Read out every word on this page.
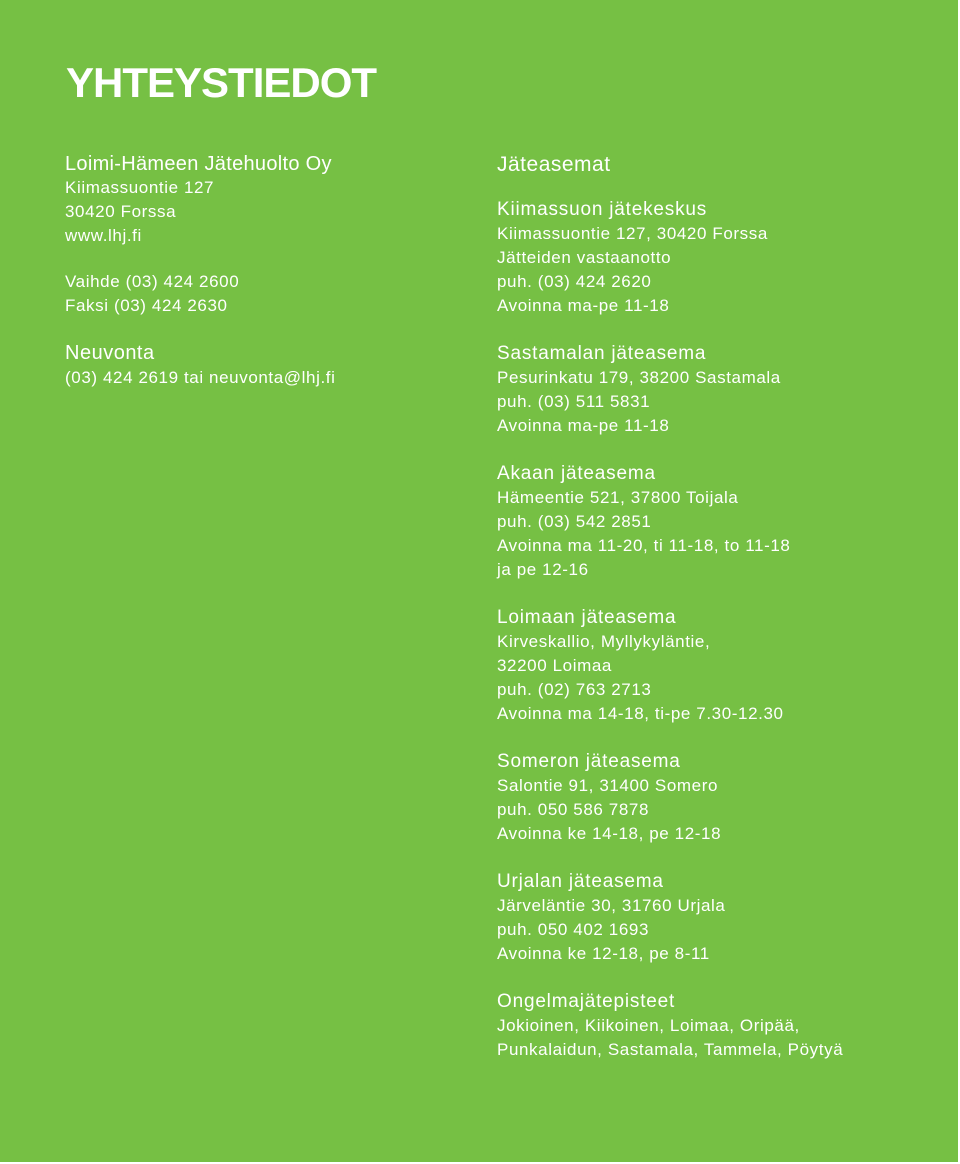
YHTEYSTIEDOT
Loimi-Hämeen Jätehuolto Oy
Kiimassuontie 127
30420 Forssa
www.lhj.fi
Vaihde (03) 424 2600
Faksi (03) 424 2630
Neuvonta
(03) 424 2619 tai neuvonta@lhj.fi
Jäteasemat
Kiimassuon jätekeskus
Kiimassuontie 127, 30420 Forssa
Jätteiden vastaanotto
puh. (03) 424 2620
Avoinna ma-pe 11-18
Sastamalan jäteasema
Pesurinkatu 179, 38200 Sastamala
puh. (03) 511 5831
Avoinna ma-pe 11-18
Akaan jäteasema
Hämeentie 521, 37800 Toijala
puh. (03) 542 2851
Avoinna ma 11-20, ti 11-18, to 11-18
ja pe 12-16
Loimaan jäteasema
Kirveskallio, Myllykyläntie,
32200 Loimaa
puh. (02) 763 2713
Avoinna ma 14-18, ti-pe 7.30-12.30
Someron jäteasema
Salontie 91, 31400 Somero
puh. 050 586 7878
Avoinna ke 14-18, pe 12-18
Urjalan jäteasema
Järveläntie 30, 31760 Urjala
puh. 050 402 1693
Avoinna ke 12-18, pe 8-11
Ongelmajätepisteet
Jokioinen, Kiikoinen, Loimaa, Oripää,
Punkalaidun, Sastamala, Tammela, Pöytyä
